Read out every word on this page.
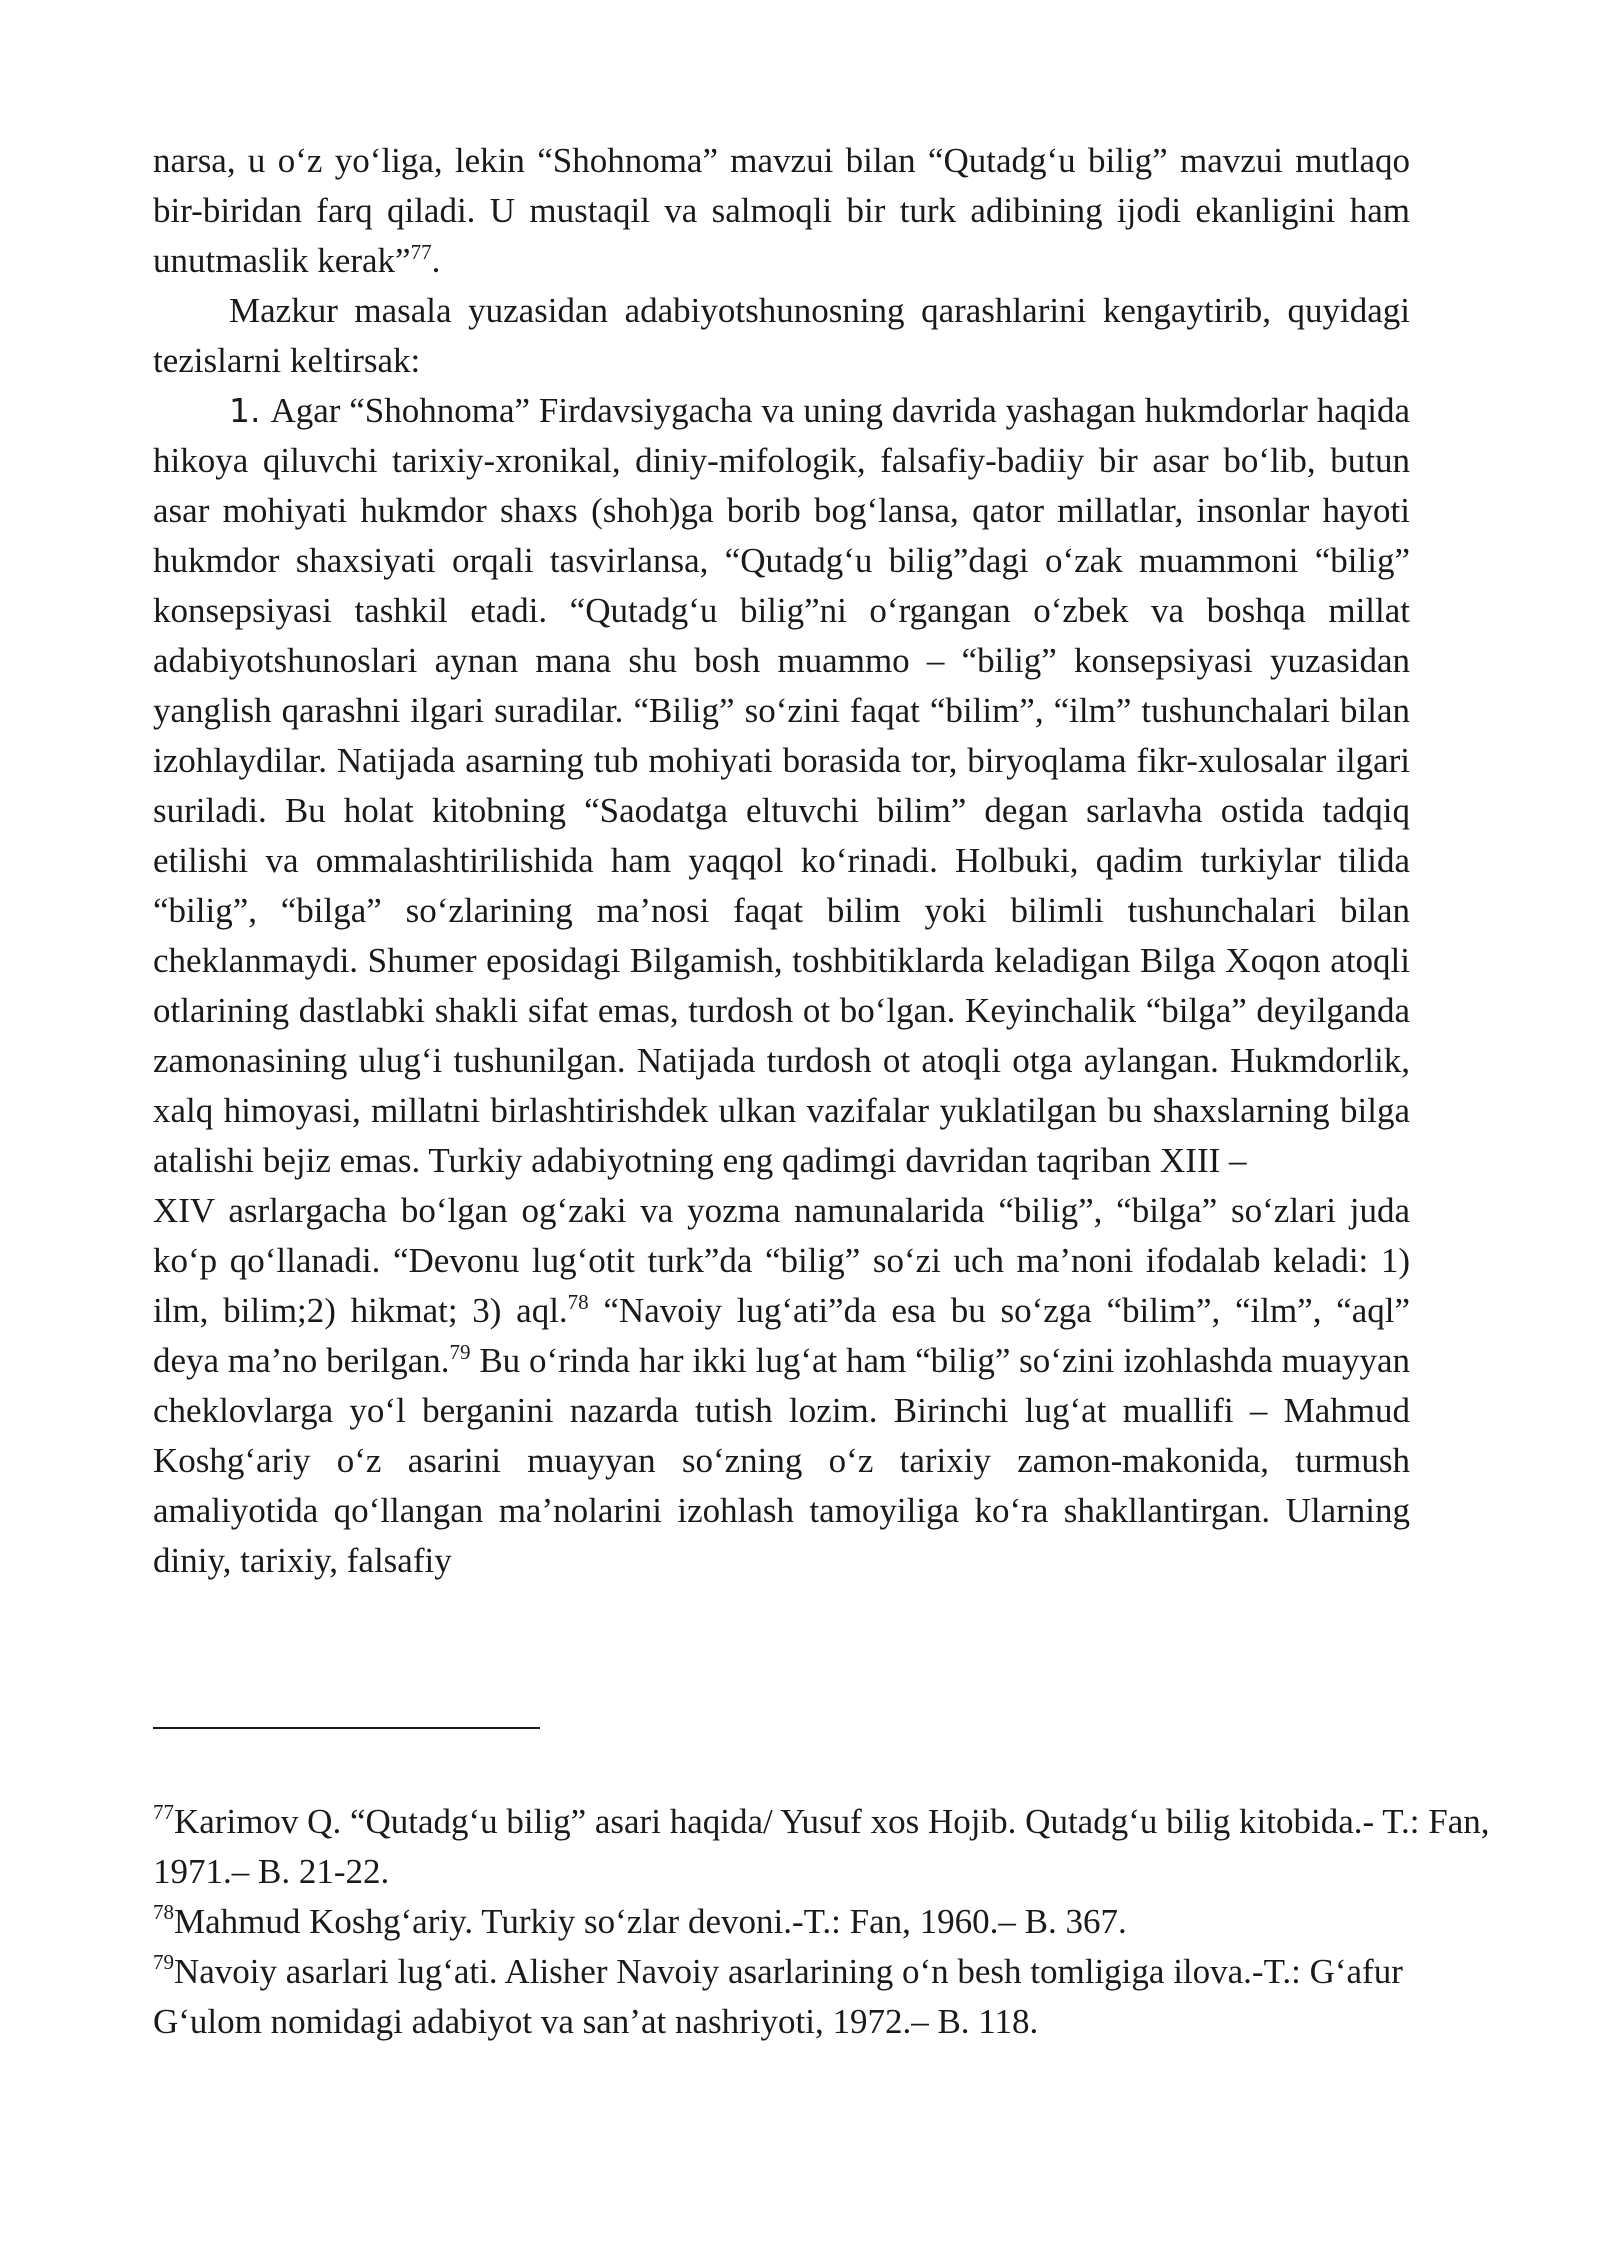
narsa, u o‘z yo‘liga, lekin “Shohnoma” mavzui bilan “Qutadg‘u bilig” mavzui mutlaqo bir-biridan farq qiladi. U mustaqil va salmoqli bir turk adibining ijodi ekanligini ham unutmaslik kerak”$^{77}$.

Mazkur masala yuzasidan adabiyotshunosning qarashlarini kengaytirib, quyidagi tezislarni keltirsak:

1. Agar “Shohnoma” Firdavsiygacha va uning davrida yashagan hukmdorlar haqida hikoya qiluvchi tarixiy-xronikal, diniy-mifologik, falsafiy-badiiy bir asar bo‘lib, butun asar mohiyati hukmdor shaxs (shoh)ga borib bog‘lansa, qator millatlar, insonlar hayoti hukmdor shaxsiyati orqali tasvirlansa, “Qutadg‘u bilig”dagi o‘zak muammoni “bilig” konsepsiyasi tashkil etadi. “Qutadg‘u bilig”ni o‘rgangan o‘zbek va boshqa millat adabiyotshunoslari aynan mana shu bosh muammo – “bilig” konsepsiyasi yuzasidan yanglish qarashni ilgari suradilar. “Bilig” so‘zini faqat “bilim”, “ilm” tushunchalari bilan izohlaydilar. Natijada asarning tub mohiyati borasida tor, biryoqlama fikr-xulosalar ilgari suriladi. Bu holat kitobning “Saodatga eltuvchi bilim” degan sarlavha ostida tadqiq etilishi va ommalashtirilishida ham yaqqol ko‘rinadi. Holbuki, qadim turkiylar tilida “bilig”, “bilga” so‘zlarining ma’nosi faqat bilim yoki bilimli tushunchalari bilan cheklanmaydi. Shumer eposidagi Bilgamish, toshbitiklarda keladigan Bilga Xoqon atoqli otlarining dastlabki shakli sifat emas, turdosh ot bo‘lgan. Keyinchalik “bilga” deyilganda zamonasining ulug‘i tushunilgan. Natijada turdosh ot atoqli otga aylangan. Hukmdorlik, xalq himoyasi, millatni birlashtirishdek ulkan vazifalar yuklatilgan bu shaxslarning bilga atalishi bejiz emas. Turkiy adabiyotning eng qadimgi davridan taqriban XIII –

XIV asrlargacha bo‘lgan og‘zaki va yozma namunalarida “bilig”, “bilga” so‘zlari juda ko‘p qo‘llanadi. “Devonu lug‘otit turk”da “bilig” so‘zi uch ma’noni ifodalab keladi: 1) ilm, bilim;2) hikmat; 3) aql.$^{78}$ “Navoiy lug‘ati”da esa bu so‘zga “bilim”, “ilm”, “aql” deya ma’no berilgan.$^{79}$ Bu o‘rinda har ikki lug‘at ham “bilig” so‘zini izohlashda muayyan cheklovlarga yo‘l berganini nazarda tutish lozim. Birinchi lug‘at muallifi – Mahmud Koshg‘ariy o‘z asarini muayyan so‘zning o‘z tarixiy zamon-makonida, turmush amaliyotida qo‘llangan ma’nolarini izohlash tamoyiliga ko‘ra shakllantirgan. Ularning diniy, tarixiy, falsafiy

$^{77}$Karimov Q. “Qutadg‘u bilig” asari haqida/ Yusuf xos Hojib. Qutadg‘u bilig kitobida.- T.: Fan, 1971.– B. 21-22.

$^{78}$Mahmud Koshg‘ariy. Turkiy so‘zlar devoni.-T.: Fan, 1960.– B. 367.

$^{79}$Navoiy asarlari lug‘ati. Alisher Navoiy asarlarining o‘n besh tomligiga ilova.-T.: G‘afur G‘ulom nomidagi adabiyot va san’at nashriyoti, 1972.– B. 118.
